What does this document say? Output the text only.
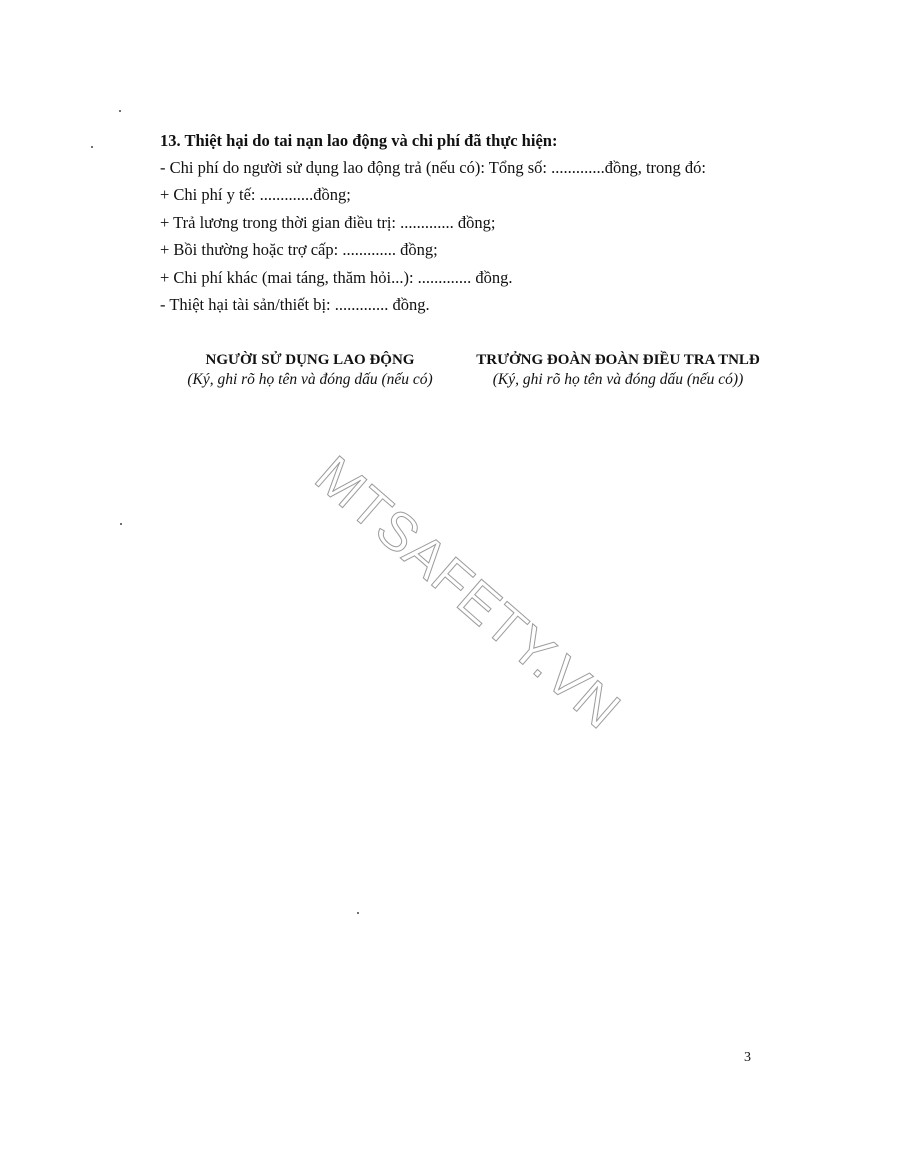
13. Thiệt hại do tai nạn lao động và chi phí đã thực hiện:

- Chi phí do người sử dụng lao động trả (nếu có): Tổng số: .............đồng, trong đó:

+ Chi phí y tế: .............đồng;

+ Trả lương trong thời gian điều trị: ............. đồng;

+ Bồi thường hoặc trợ cấp: ............. đồng;

+ Chi phí khác (mai táng, thăm hỏi...): ............. đồng.

- Thiệt hại tài sản/thiết bị: ............. đồng.

NGƯỜI SỬ DỤNG LAO ĐỘNG
(Ký, ghi rõ họ tên và đóng dấu (nếu có)
TRƯỞNG ĐOÀN ĐOÀN ĐIỀU TRA TNLĐ
(Ký, ghi rõ họ tên và đóng dấu (nếu có))
MTSAFETY.VN
3
